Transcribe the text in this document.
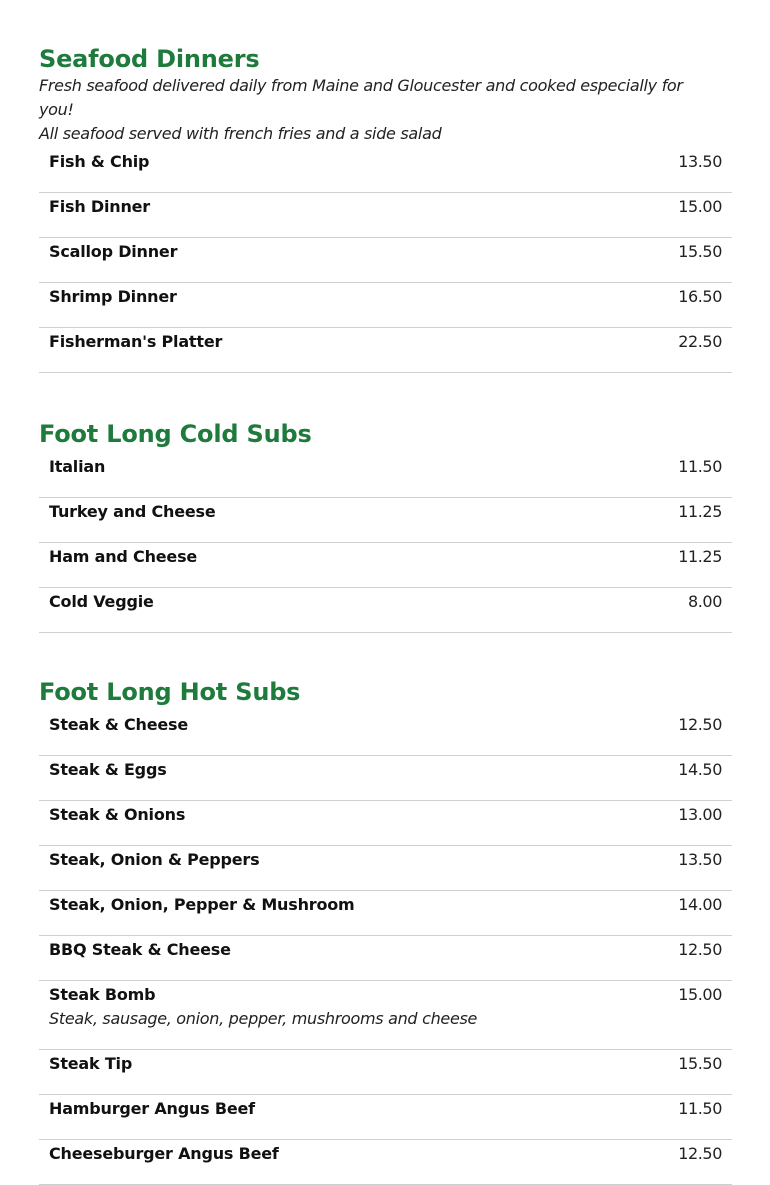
Seafood Dinners

Fresh seafood delivered daily from Maine and Gloucester and cooked especially for

you!

All seafood served with french fries and a side salad

Fish & Chip	13.50
Fish Dinner	15.00
Scallop Dinner	15.50
Shrimp Dinner	16.50
Fisherman's Platter	22.50
Foot Long Cold Subs
Italian	11.50
Turkey and Cheese	11.25
Ham and Cheese	11.25
Cold Veggie	8.00
Foot Long Hot Subs
Steak & Cheese	12.50
Steak & Eggs	14.50
Steak & Onions	13.00
Steak, Onion & Peppers	13.50
Steak, Onion, Pepper & Mushroom	14.00
BBQ Steak & Cheese	12.50
Steak Bomb	15.00
Steak, sausage, onion, pepper, mushrooms and cheese
Steak Tip	15.50
Hamburger Angus Beef	11.50
Cheeseburger Angus Beef	12.50
